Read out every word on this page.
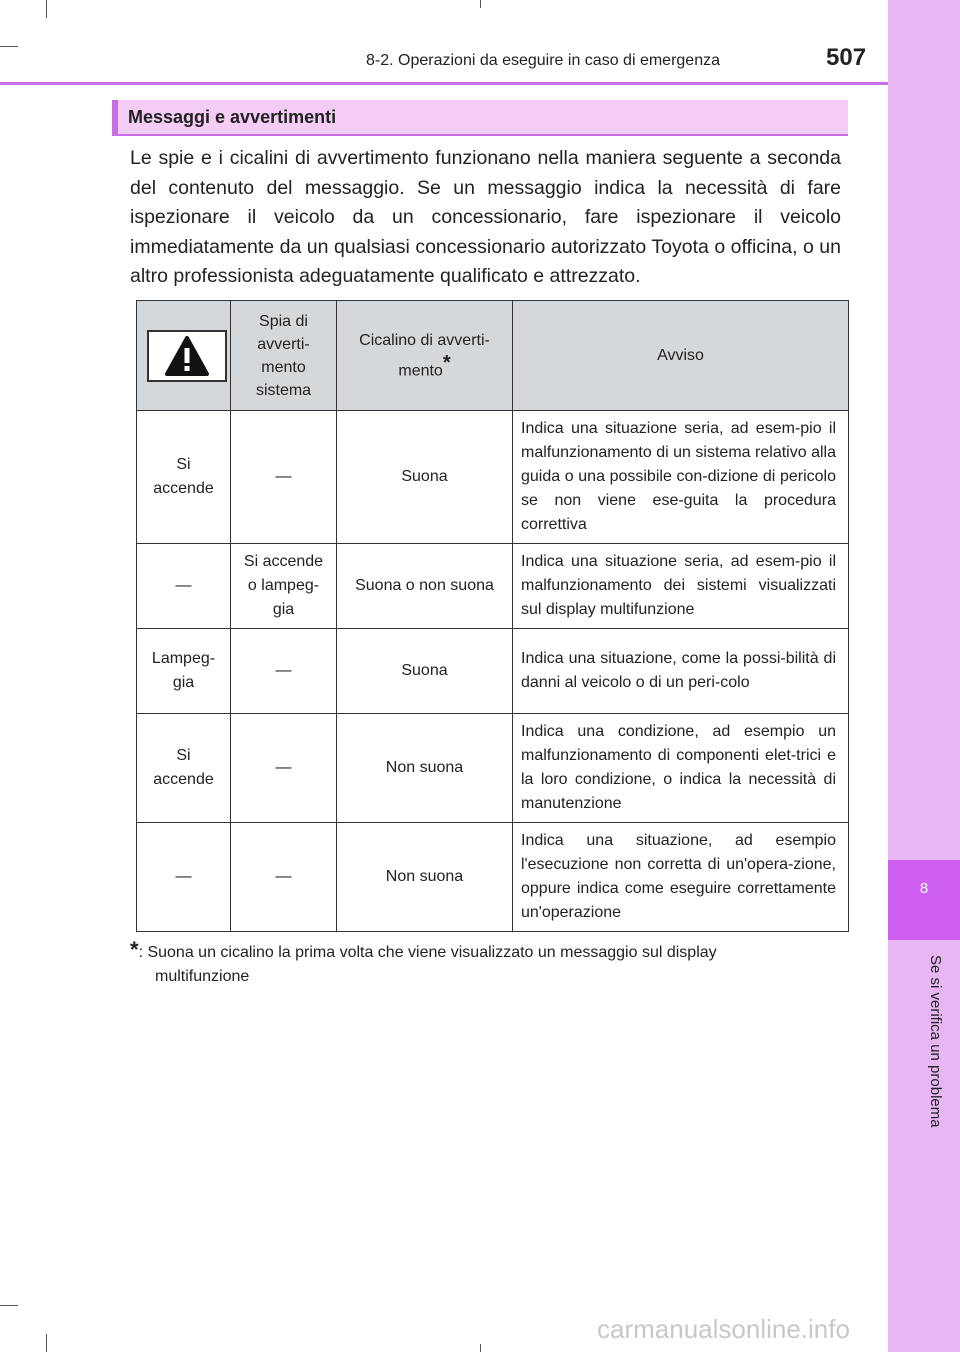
8
Se si verifica un problema
8-2. Operazioni da eseguire in caso di emergenza	507
Messaggi e avvertimenti

Le spie e i cicalini di avvertimento funzionano nella maniera seguente a seconda del contenuto del messaggio. Se un messaggio indica la necessità di fare ispezionare il veicolo da un concessionario, fare ispezionare il veicolo immediatamente da un qualsiasi concessionario autorizzato Toyota o officina, o un altro professionista adeguatamente qualificato e attrezzato.

	Spia di avverti-mento sistema	Cicalino di avverti-mento*	Avviso
Si accende	—	Suona	Indica una situazione seria, ad esem-pio il malfunzionamento di un sistema relativo alla guida o una possibile con-dizione di pericolo se non viene ese-guita la procedura correttiva
—	Si accende o lampeg-gia	Suona o non suona	Indica una situazione seria, ad esem-pio il malfunzionamento dei sistemi visualizzati sul display multifunzione
Lampeg-gia	—	Suona	Indica una situazione, come la possi-bilità di danni al veicolo o di un peri-colo
Si accende	—	Non suona	Indica una condizione, ad esempio un malfunzionamento di componenti elet-trici e la loro condizione, o indica la necessità di manutenzione
—	—	Non suona	Indica una situazione, ad esempio l'esecuzione non corretta di un'opera-zione, oppure indica come eseguire correttamente un'operazione
*: Suona un cicalino la prima volta che viene visualizzato un messaggio sul display
multifunzione
carmanualsonline.info
